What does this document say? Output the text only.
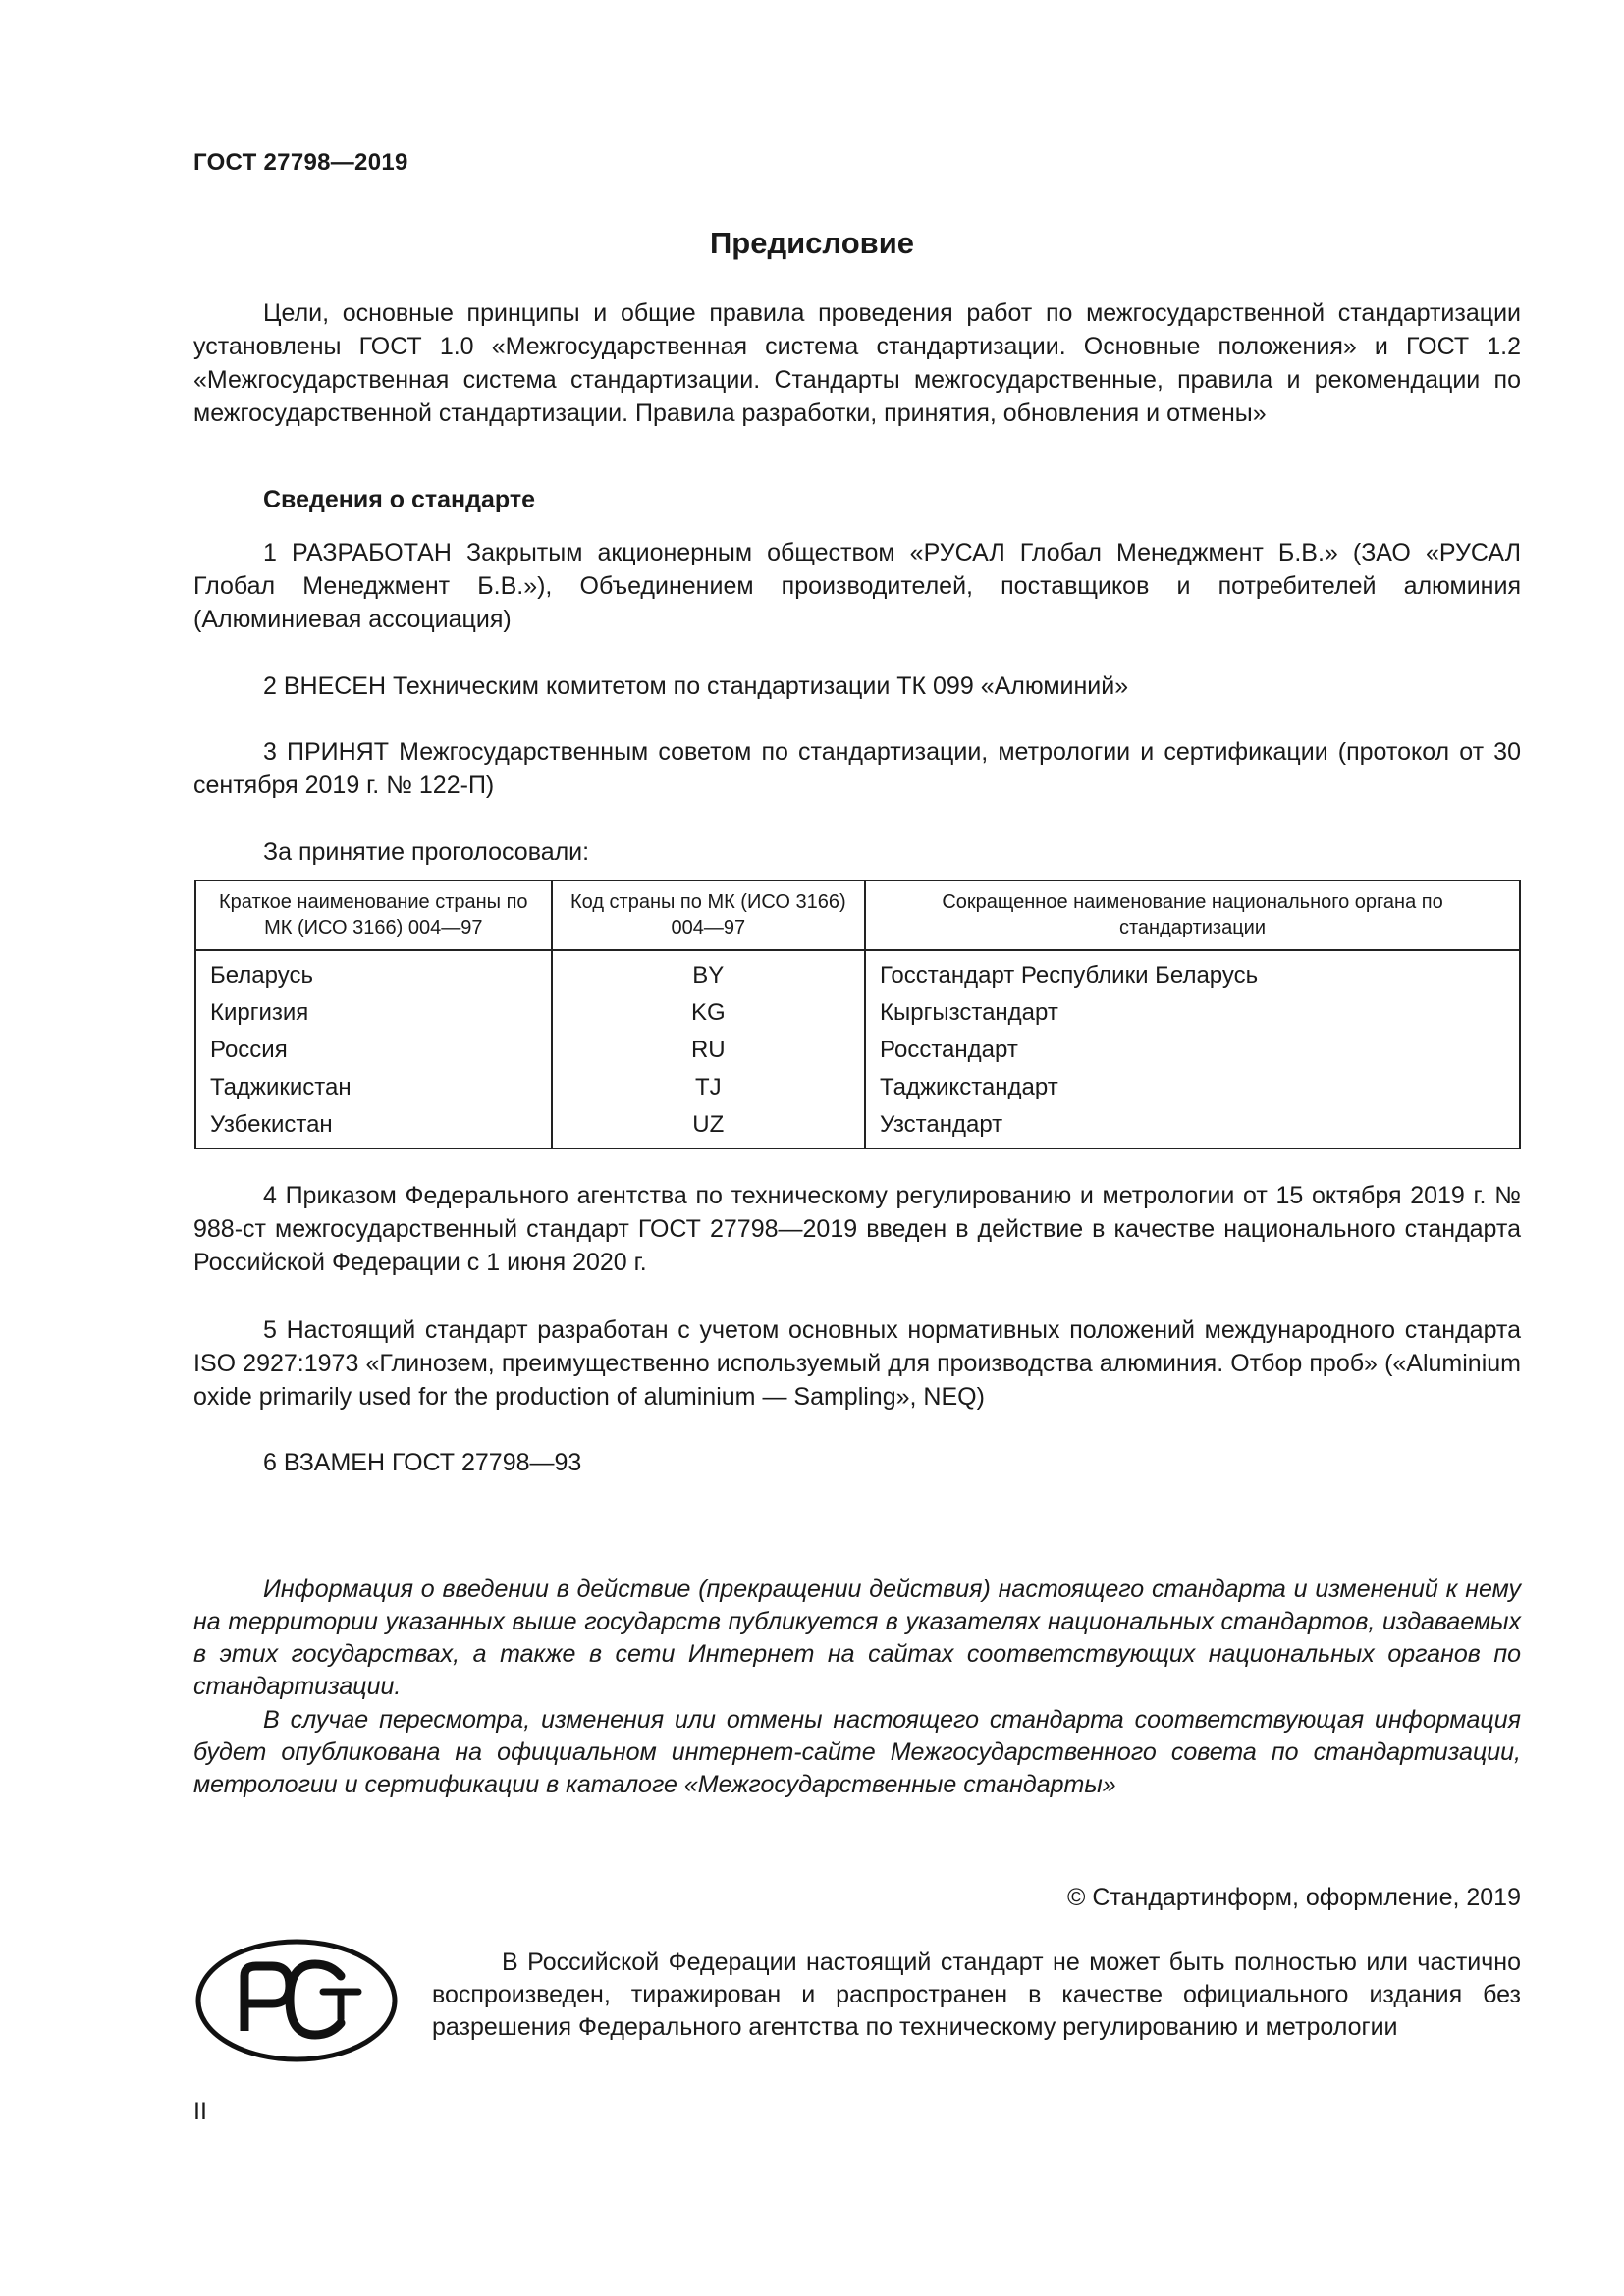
ГОСТ 27798—2019
Предисловие
Цели, основные принципы и общие правила проведения работ по межгосударственной стандартизации установлены ГОСТ 1.0 «Межгосударственная система стандартизации. Основные положения» и ГОСТ 1.2 «Межгосударственная система стандартизации. Стандарты межгосударственные, правила и рекомендации по межгосударственной стандартизации. Правила разработки, принятия, обновления и отмены»
Сведения о стандарте
1 РАЗРАБОТАН Закрытым акционерным обществом «РУСАЛ Глобал Менеджмент Б.В.» (ЗАО «РУСАЛ Глобал Менеджмент Б.В.»), Объединением производителей, поставщиков и потребителей алюминия (Алюминиевая ассоциация)
2 ВНЕСЕН Техническим комитетом по стандартизации ТК 099 «Алюминий»
3 ПРИНЯТ Межгосударственным советом по стандартизации, метрологии и сертификации (протокол от 30 сентября 2019 г. № 122-П)
За принятие проголосовали:
Краткое наименование страны по МК (ИСО 3166) 004—97	Код страны по МК (ИСО 3166) 004—97	Сокращенное наименование национального органа по стандартизации
Беларусь	BY	Госстандарт Республики Беларусь
Киргизия	KG	Кыргызстандарт
Россия	RU	Росстандарт
Таджикистан	TJ	Таджикстандарт
Узбекистан	UZ	Узстандарт
4 Приказом Федерального агентства по техническому регулированию и метрологии от 15 октября 2019 г. № 988-ст межгосударственный стандарт ГОСТ 27798—2019 введен в действие в качестве национального стандарта Российской Федерации с 1 июня 2020 г.
5 Настоящий стандарт разработан с учетом основных нормативных положений международного стандарта ISO 2927:1973 «Глинозем, преимущественно используемый для производства алюминия. Отбор проб» («Aluminium oxide primarily used for the production of aluminium — Sampling», NEQ)
6 ВЗАМЕН ГОСТ 27798—93
Информация о введении в действие (прекращении действия) настоящего стандарта и изменений к нему на территории указанных выше государств публикуется в указателях национальных стандартов, издаваемых в этих государствах, а также в сети Интернет на сайтах соответствующих национальных органов по стандартизации.
В случае пересмотра, изменения или отмены настоящего стандарта соответствующая информация будет опубликована на официальном интернет-сайте Межгосударственного совета по стандартизации, метрологии и сертификации в каталоге «Межгосударственные стандарты»
© Стандартинформ, оформление, 2019
В Российской Федерации настоящий стандарт не может быть полностью или частично воспроизведен, тиражирован и распространен в качестве официального издания без разрешения Федерального агентства по техническому регулированию и метрологии
II
